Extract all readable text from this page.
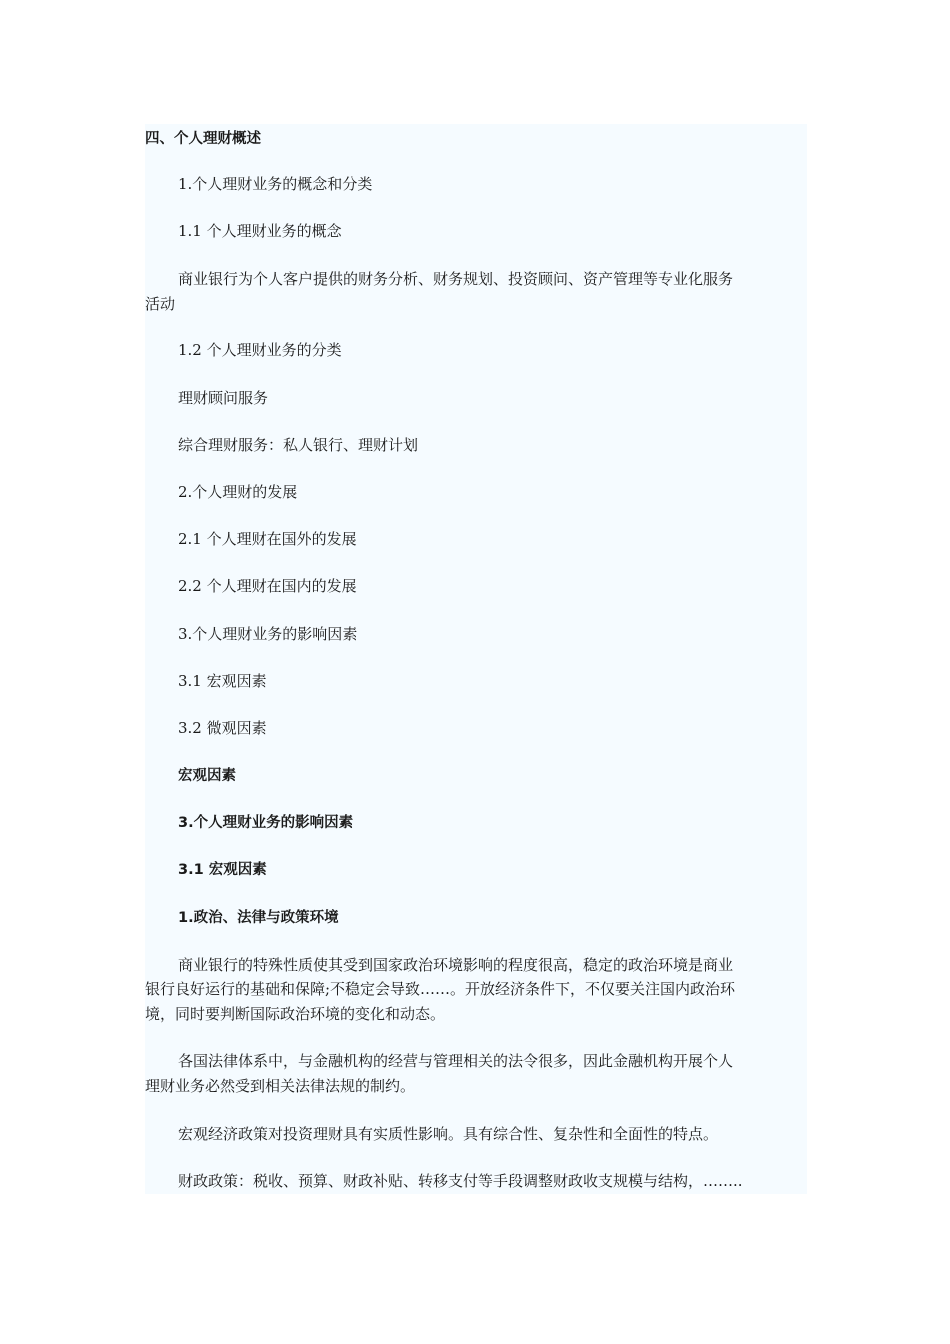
四、个人理财概述
1.个人理财业务的概念和分类
1.1 个人理财业务的概念
商业银行为个人客户提供的财务分析、财务规划、投资顾问、资产管理等专业化服务
活动
1.2 个人理财业务的分类
理财顾问服务
综合理财服务：私人银行、理财计划
2.个人理财的发展
2.1 个人理财在国外的发展
2.2 个人理财在国内的发展
3.个人理财业务的影响因素
3.1 宏观因素
3.2 微观因素
宏观因素
3.个人理财业务的影响因素
3.1 宏观因素
1.政治、法律与政策环境
商业银行的特殊性质使其受到国家政治环境影响的程度很高，稳定的政治环境是商业
银行良好运行的基础和保障;不稳定会导致……。开放经济条件下，不仅要关注国内政治环
境，同时要判断国际政治环境的变化和动态。
各国法律体系中，与金融机构的经营与管理相关的法令很多，因此金融机构开展个人
理财业务必然受到相关法律法规的制约。
宏观经济政策对投资理财具有实质性影响。具有综合性、复杂性和全面性的特点。
财政政策：税收、预算、财政补贴、转移支付等手段调整财政收支规模与结构，……..
